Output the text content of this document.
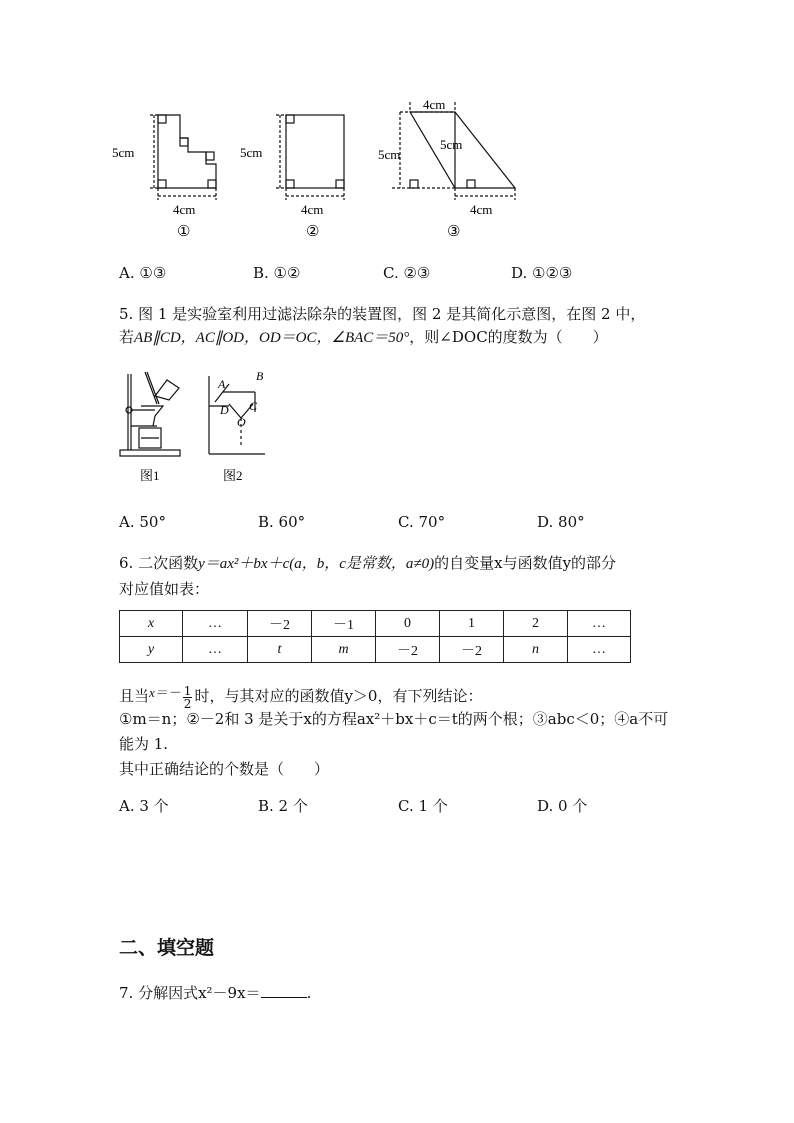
5cm
4cm
①
5cm
4cm
②
4cm
5cm
5cm
4cm
③
A. ①③	B. ①②	C. ②③	D. ①②③
5. 图 1 是实验室利用过滤法除杂的装置图，图 2 是其简化示意图，在图 2 中，
若AB∥CD，AC∥OD，OD＝OC，∠BAC＝50°，则∠DOC的度数为（　　）
A
B
D C
O
图1	图2
A. 50°	B. 60°	C. 70°	D. 80°
6. 二次函数y＝ax²＋bx＋c(a，b，c是常数，a≠0)的自变量x与函数值y的部分
对应值如表：
x	…	－2	－1	0	1	2	…
y	…	t	m	－2	－2	n	…
且当$x=- \frac{1}{2}$ 时，与其对应的函数值y＞0，有下列结论：
①m＝n；②－2和 3 是关于x的方程ax²＋bx＋c＝t的两个根；③abc＜0；④a不可
能为 1.
其中正确结论的个数是（　　）
A. 3 个	B. 2 个	C. 1 个	D. 0 个
二、填空题
7. 分解因式x²－9x＝	.
